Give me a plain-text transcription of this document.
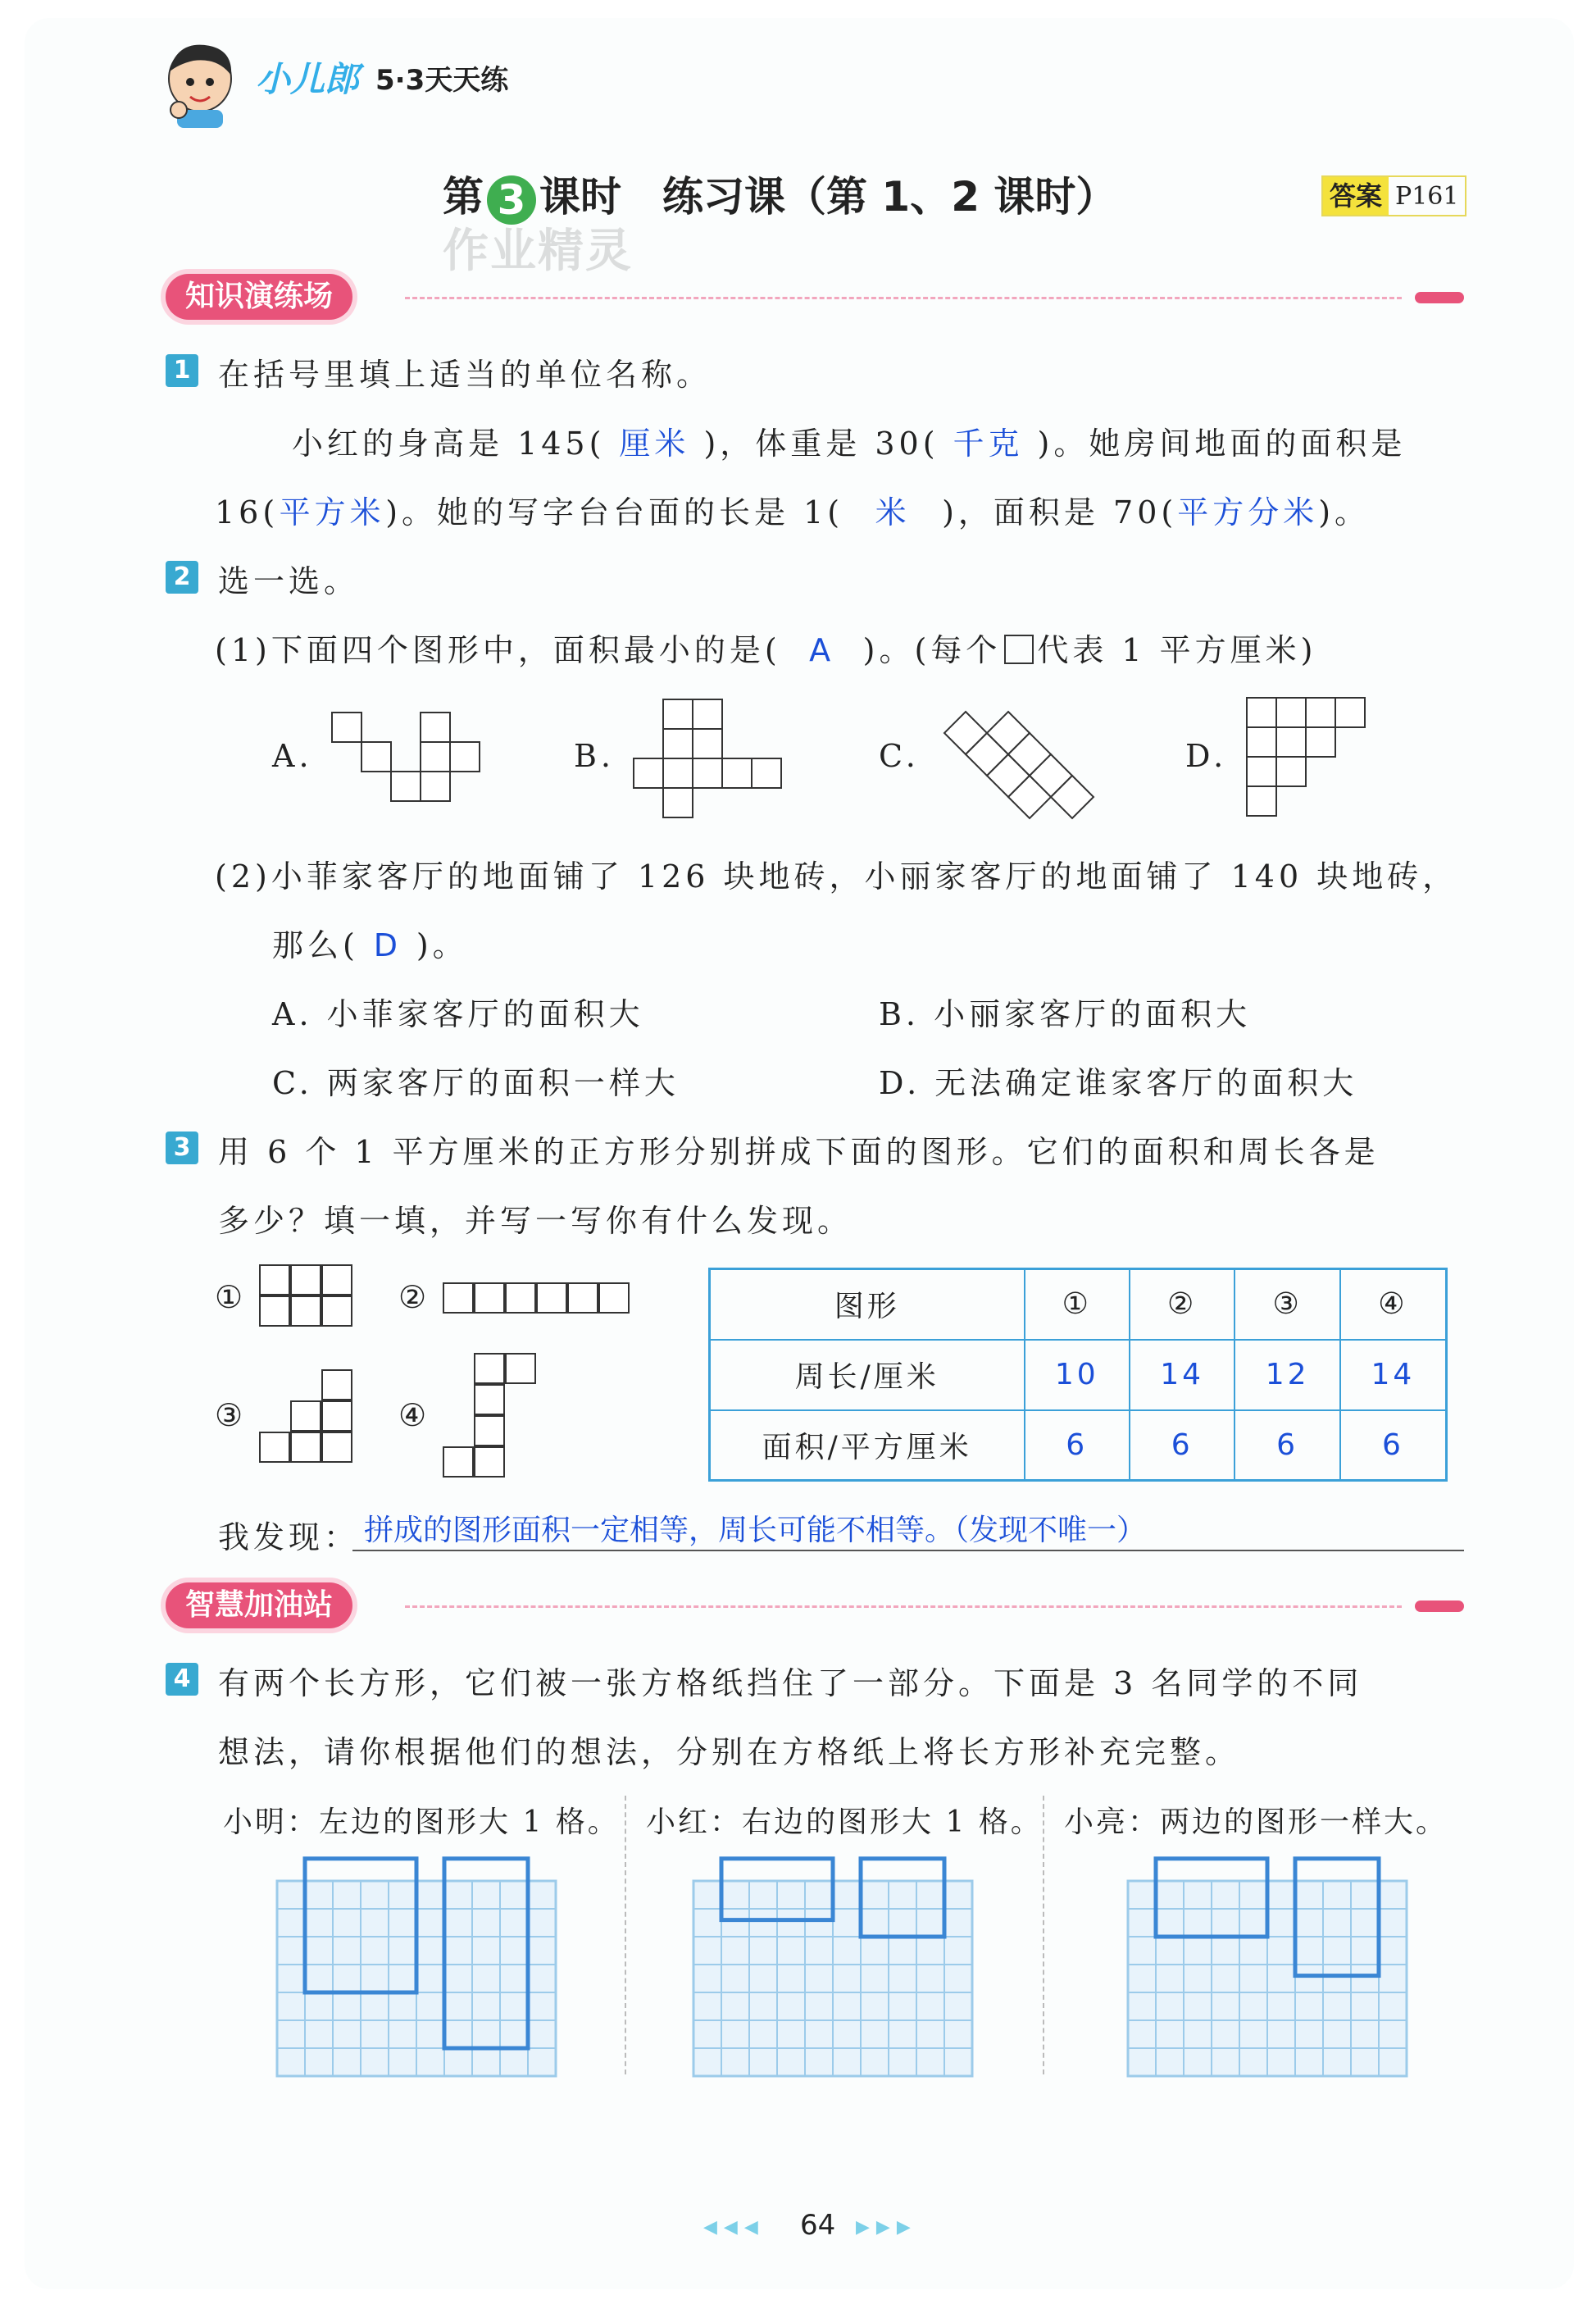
小儿郎 5·3天天练
第 3 课时　练习课（第 1、2 课时）	答案 P161
作业精灵
知识演练场
1 在括号里填上适当的单位名称。
小红的身高是 145( 厘米 )，体重是 30( 千克 )。她房间地面的面积是
16(平方米)。她的写字台台面的长是 1( 米 )，面积是 70(平方分米)。
2 选一选。
(1)下面四个图形中，面积最小的是( A )。(每个 代表 1 平方厘米)
A.	B.	C.	D.
(2)小菲家客厅的地面铺了 126 块地砖，小丽家客厅的地面铺了 140 块地砖，
那么( D )。
A. 小菲家客厅的面积大	B. 小丽家客厅的面积大
C. 两家客厅的面积一样大	D. 无法确定谁家客厅的面积大
3 用 6 个 1 平方厘米的正方形分别拼成下面的图形。它们的面积和周长各是
多少？填一填，并写一写你有什么发现。
①	②
③	④
图形	①	②	③	④
周长/厘米	10	14	12	14
面积/平方厘米	6	6	6	6
我发现： 拼成的图形面积一定相等，周长可能不相等。（发现不唯一）
智慧加油站
4 有两个长方形，它们被一张方格纸挡住了一部分。下面是 3 名同学的不同
想法，请你根据他们的想法，分别在方格纸上将长方形补充完整。
小明：左边的图形大 1 格。 小红：右边的图形大 1 格。 小亮：两边的图形一样大。
◀◀◀ 64 ▶▶▶
